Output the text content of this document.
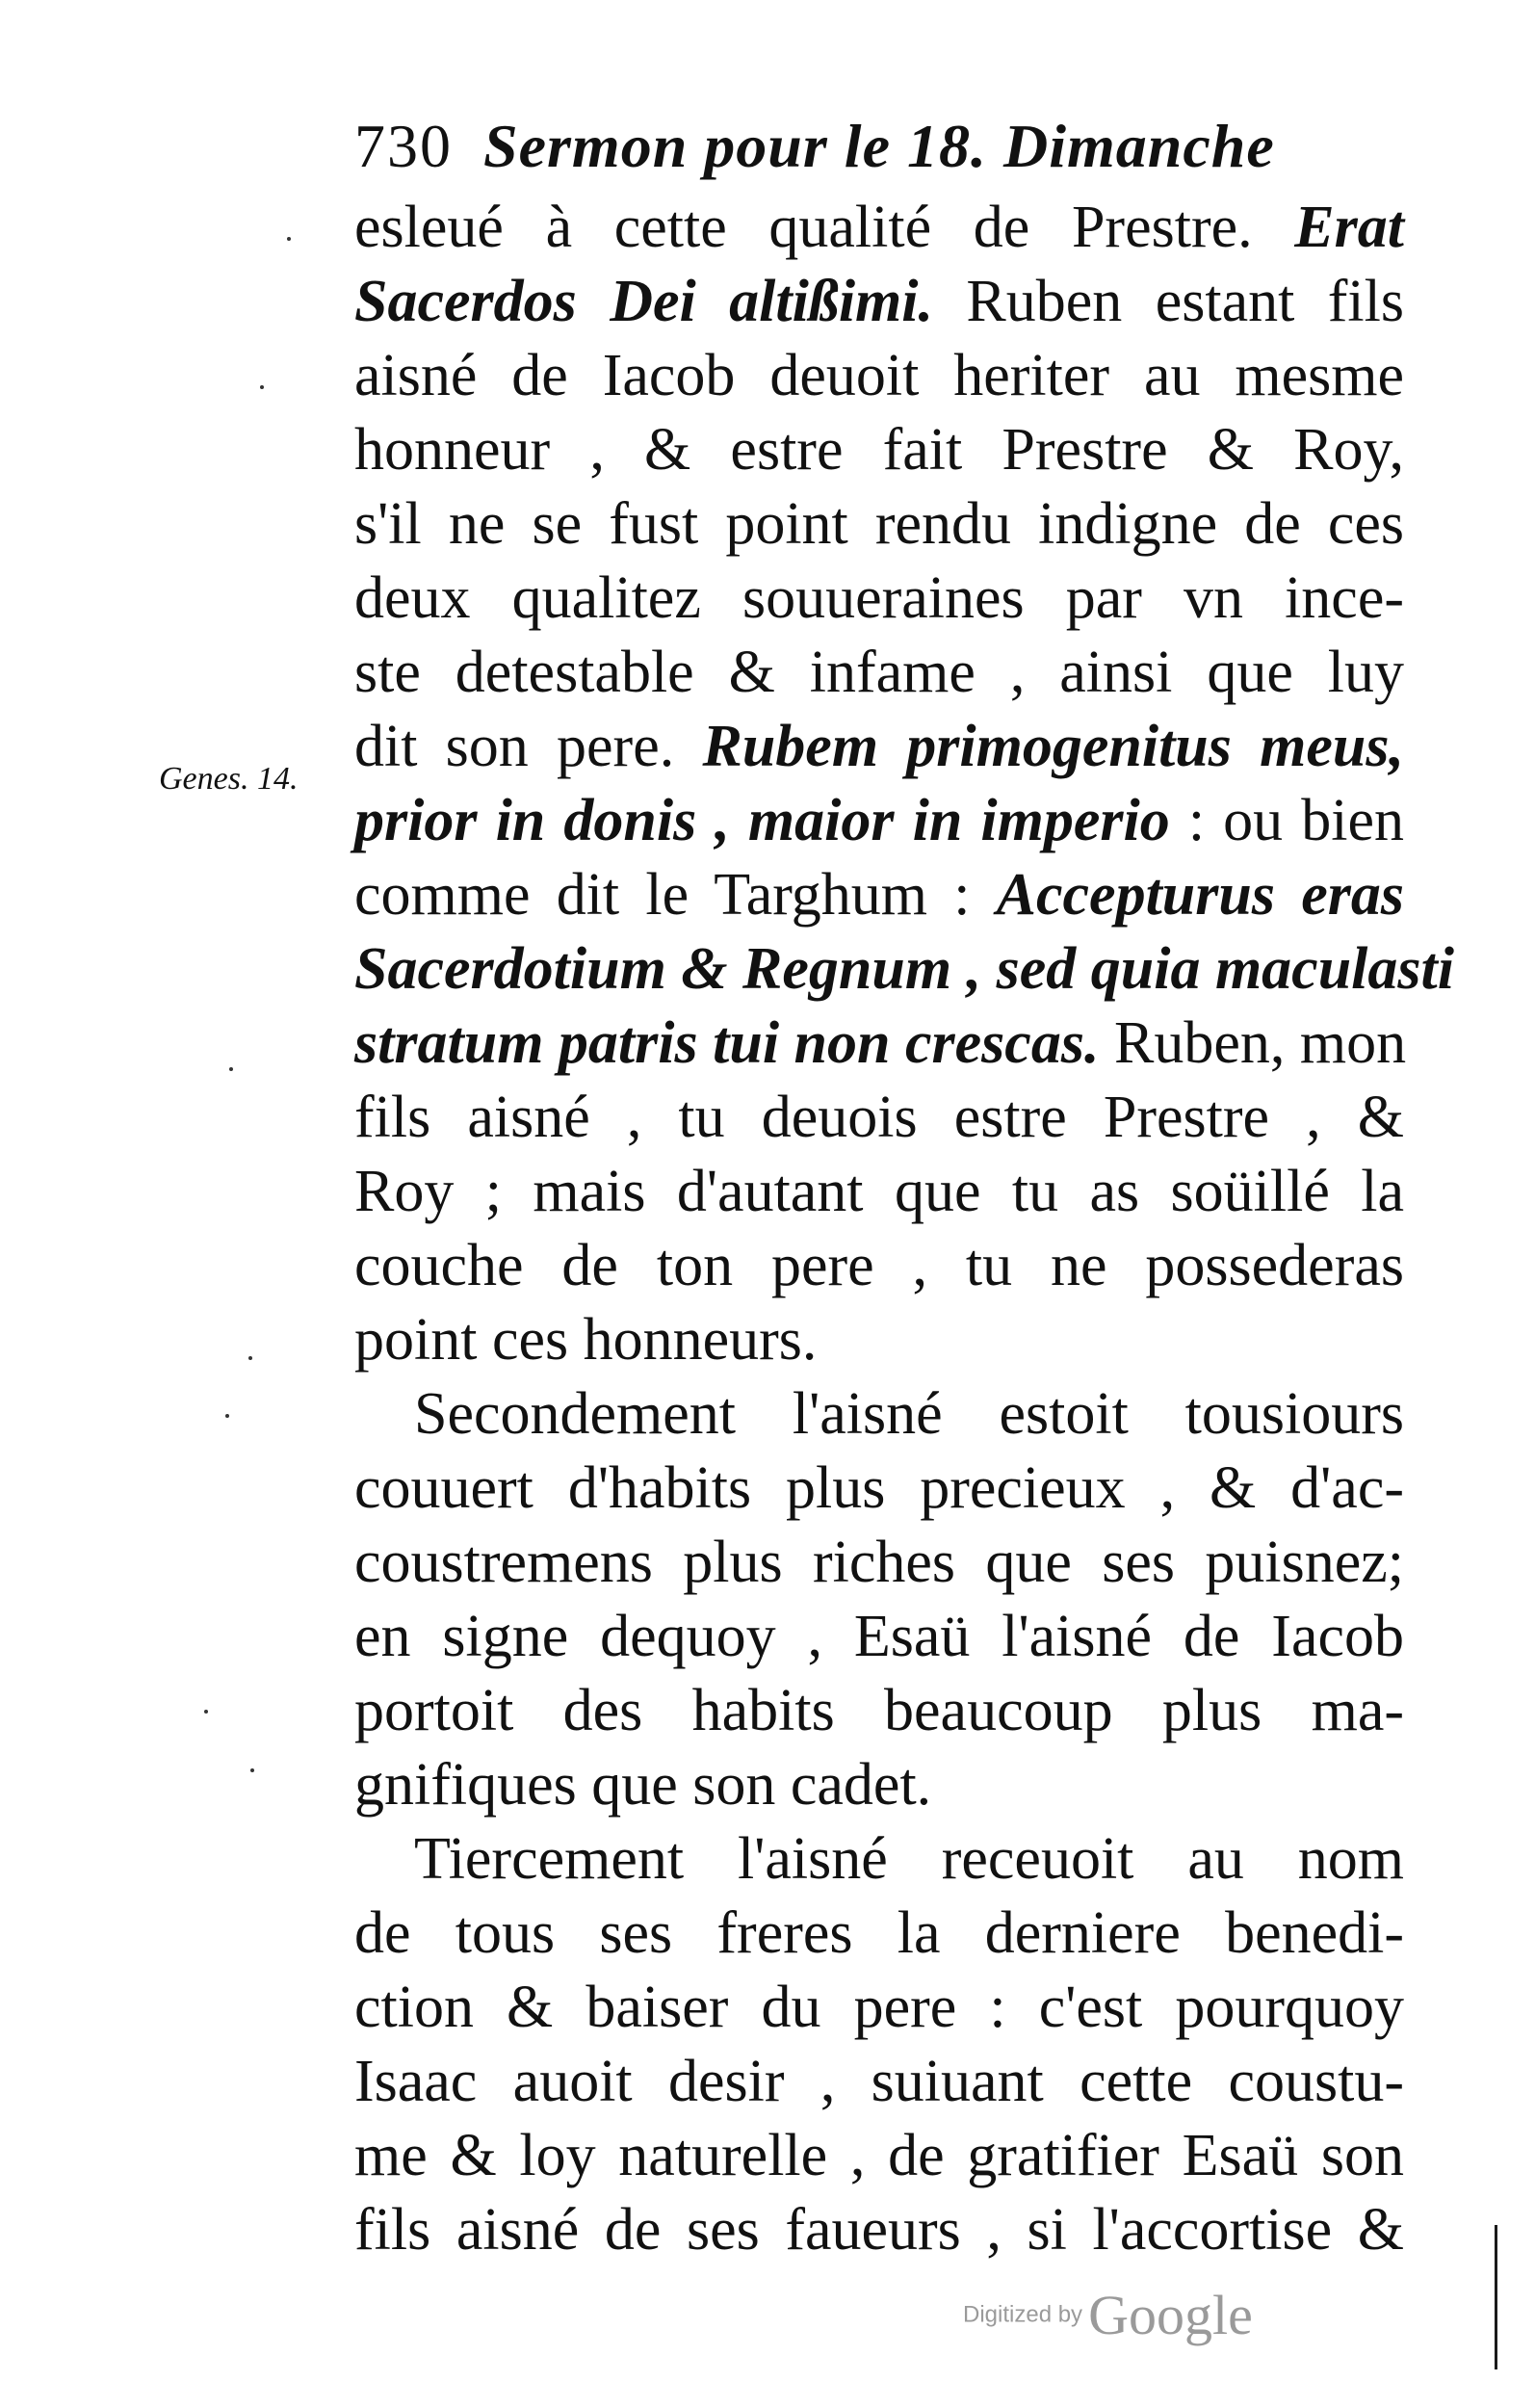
730 Sermon pour le 18. Dimanche
Genes. 14.
esleué à cette qualité de Prestre. Erat
Sacerdos Dei altißimi. Ruben estant fils
aisné de Iacob deuoit heriter au mesme
honneur , & estre fait Prestre & Roy,
s'il ne se fust point rendu indigne de ces
deux qualitez souueraines par vn ince-
ste detestable & infame , ainsi que luy
dit son pere. Rubem primogenitus meus,
prior in donis , maior in imperio : ou bien
comme dit le Targhum : Accepturus eras
Sacerdotium & Regnum , sed quia maculasti
stratum patris tui non crescas. Ruben, mon
fils aisné , tu deuois estre Prestre , &
Roy ; mais d'autant que tu as soüillé la
couche de ton pere , tu ne possederas
point ces honneurs.
Secondement l'aisné estoit tousiours
couuert d'habits plus precieux , & d'ac-
coustremens plus riches que ses puisnez;
en signe dequoy , Esaü l'aisné de Iacob
portoit des habits beaucoup plus ma-
gnifiques que son cadet.
Tiercement l'aisné receuoit au nom
de tous ses freres la derniere benedi-
ction & baiser du pere : c'est pourquoy
Isaac auoit desir , suiuant cette coustu-
me & loy naturelle , de gratifier Esaü son
fils aisné de ses faueurs , si l'accortise &
Digitized by Google
